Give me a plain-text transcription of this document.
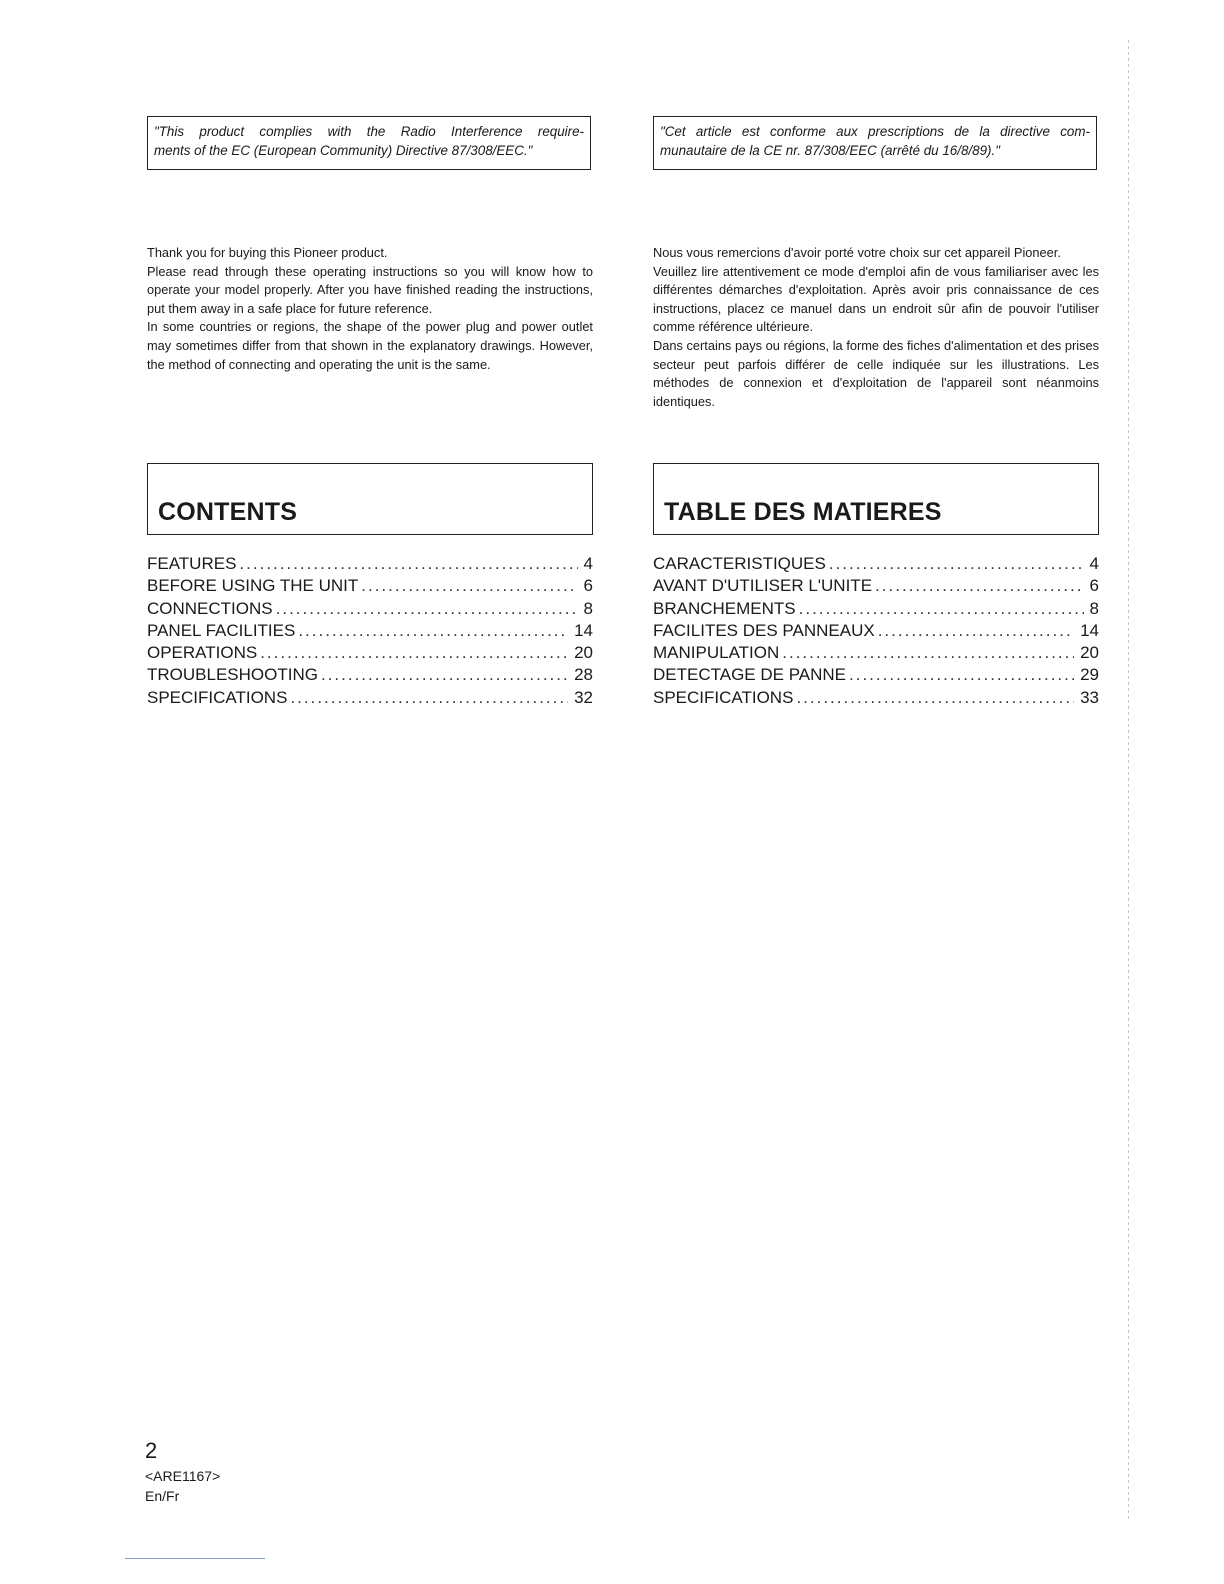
"This product complies with the Radio Interference require-
ments of the EC (European Community) Directive 87/308/EEC."

Thank you for buying this Pioneer product.

Please read through these operating instructions so you will know how to operate your model properly. After you have finished reading the instructions, put them away in a safe place for future reference.

In some countries or regions, the shape of the power plug and power outlet may sometimes differ from that shown in the explanatory drawings. However, the method of connecting and operating the unit is the same.

CONTENTS
FEATURES .....	4
BEFORE USING THE UNIT .....	6
CONNECTIONS .....	8
PANEL FACILITIES .....	14
OPERATIONS .....	20
TROUBLESHOOTING .....	28
SPECIFICATIONS .....	32
"Cet article est conforme aux prescriptions de la directive com-
munautaire de la CE nr. 87/308/EEC (arrêté du 16/8/89)."

Nous vous remercions d'avoir porté votre choix sur cet appareil Pioneer.

Veuillez lire attentivement ce mode d'emploi afin de vous familiariser avec les différentes démarches d'exploitation. Après avoir pris connaissance de ces instructions, placez ce manuel dans un endroit sûr afin de pouvoir l'utiliser comme référence ultérieure.

Dans certains pays ou régions, la forme des fiches d'alimentation et des prises secteur peut parfois différer de celle indiquée sur les illustrations. Les méthodes de connexion et d'exploitation de l'appareil sont néanmoins identiques.

TABLE DES MATIERES
CARACTERISTIQUES .....	4
AVANT D'UTILISER L'UNITE .....	6
BRANCHEMENTS .....	8
FACILITES DES PANNEAUX .....	14
MANIPULATION .....	20
DETECTAGE DE PANNE .....	29
SPECIFICATIONS .....	33
2
<ARE1167>
En/Fr
